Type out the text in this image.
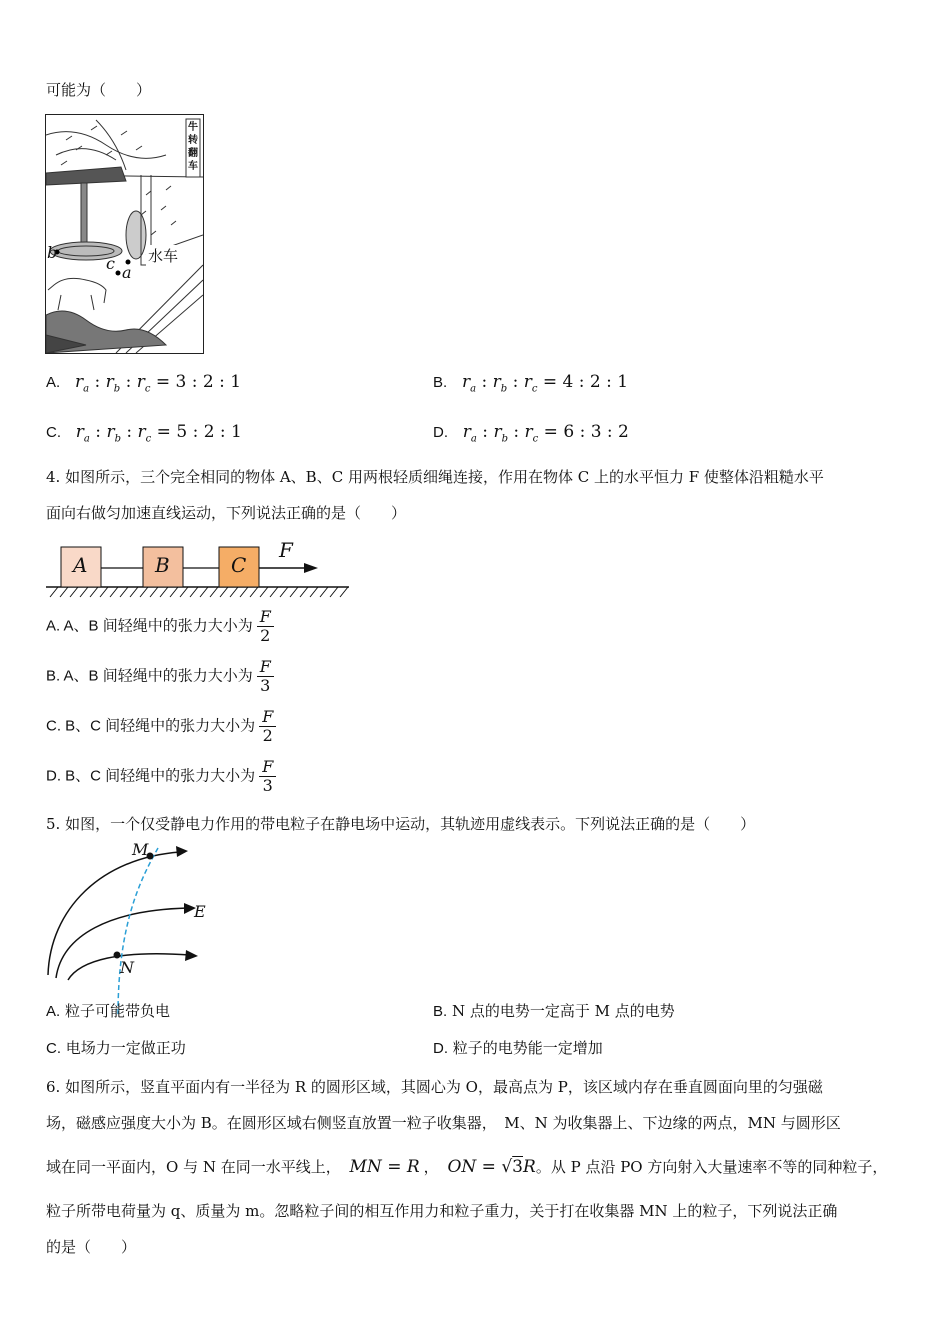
可能为（　　）
牛转翻车
b
c a
水车
A. $r_a$ : $r_b$ : $r_c = 3$ : 2 : 1	B. $r_a$ : $r_b$ : $r_c = 4$ : 2 : 1
C. $r_a$ : $r_b$ : $r_c = 5$ : 2 : 1	D. $r_a$ : $r_b$ : $r_c = 6$ : 3 : 2
4. 如图所示，三个完全相同的物体 A、B、C 用两根轻质细绳连接，作用在物体 C 上的水平恒力 F 使整体沿粗糙水平
面向右做匀加速直线运动，下列说法正确的是（　　）
A	B	C
F
A. A、B 间轻绳中的张力大小为 $\frac{F}{2}$
B. A、B 间轻绳中的张力大小为 $\frac{F}{3}$
C. B、C 间轻绳中的张力大小为 $\frac{F}{2}$
D. B、C 间轻绳中的张力大小为 $\frac{F}{3}$
5. 如图，一个仅受静电力作用的带电粒子在静电场中运动，其轨迹用虚线表示。下列说法正确的是（　　）
M
E
N
A. 粒子可能带负电	B. N 点的电势一定高于 M 点的电势
C. 电场力一定做正功	D. 粒子的电势能一定增加
6. 如图所示，竖直平面内有一半径为 R 的圆形区域，其圆心为 O，最高点为 P，该区域内存在垂直圆面向里的匀强磁
场，磁感应强度大小为 B。在圆形区域右侧竖直放置一粒子收集器，　M、N 为收集器上、下边缘的两点，MN 与圆形区
域在同一平面内，O 与 N 在同一水平线上， MN = R ， ON = √3R。从 P 点沿 PO 方向射入大量速率不等的同种粒子，
粒子所带电荷量为 q、质量为 m。忽略粒子间的相互作用力和粒子重力，关于打在收集器 MN 上的粒子，下列说法正确
的是（　　）
